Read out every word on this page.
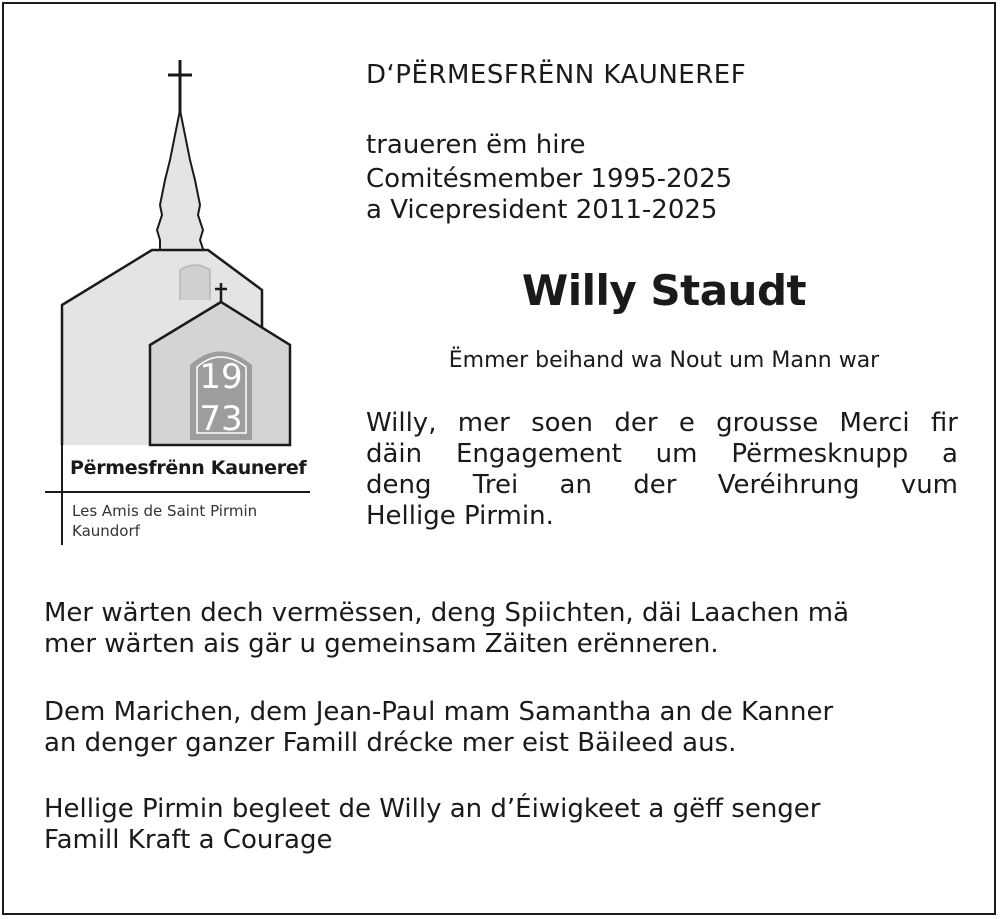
19
73
Përmesfrënn Kauneref
Les Amis de Saint Pirmin
Kaundorf
D‘PËRMESFRËNN KAUNEREF
traueren ëm hire
Comitésmember 1995-2025
a Vicepresident 2011-2025
Willy Staudt
Ëmmer beihand wa Nout um Mann war
Willy, mer soen der e grousse Merci fir
däin Engagement um Përmesknupp a
deng Trei an der Veréihrung vum
Hellige Pirmin.
Mer wärten dech vermëssen, deng Spiichten, däi Laachen mä
mer wärten ais gär u gemeinsam Zäiten erënneren.
Dem Marichen, dem Jean-Paul mam Samantha an de Kanner
an denger ganzer Famill drécke mer eist Bäileed aus.
Hellige Pirmin begleet de Willy an d’Éiwigkeet a gëff senger
Famill Kraft a Courage
